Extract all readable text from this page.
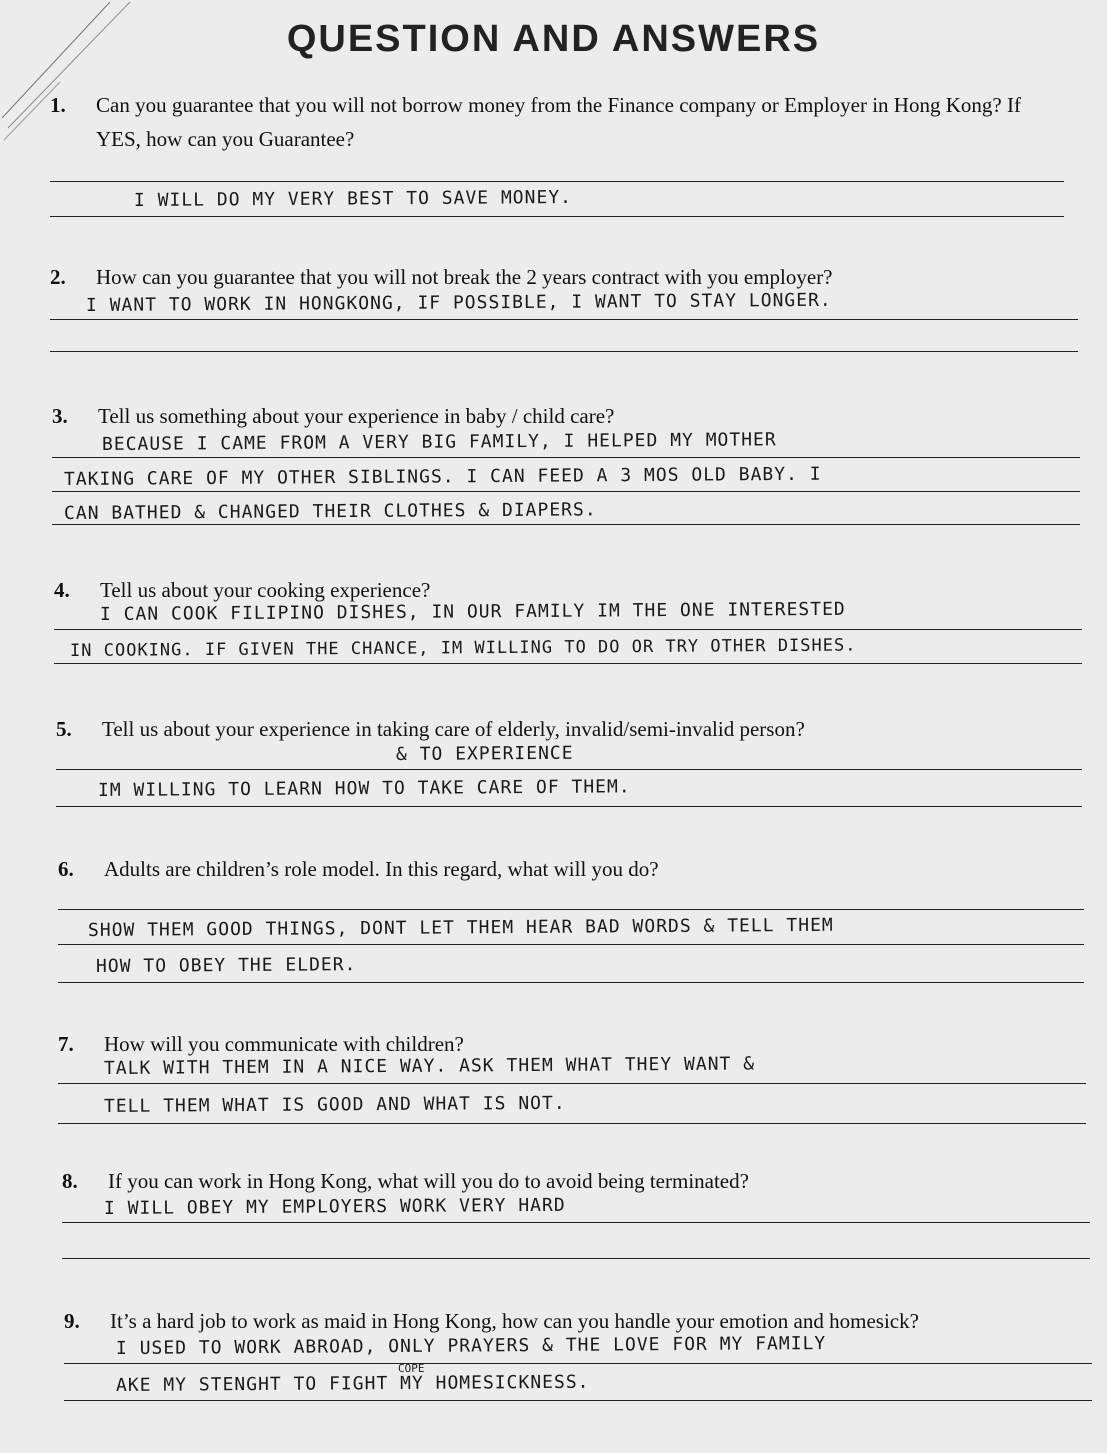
QUESTION AND ANSWERS
1. Can you guarantee that you will not borrow money from the Finance company or Employer in Hong Kong? If YES, how can you Guarantee?
I WILL DO MY VERY BEST TO SAVE MONEY.
2. How can you guarantee that you will not break the 2 years contract with you employer?
I WANT TO WORK IN HONGKONG, IF POSSIBLE, I WANT TO STAY LONGER.
3. Tell us something about your experience in baby / child care?
BECAUSE I CAME FROM A VERY BIG FAMILY, I HELPED MY MOTHER
TAKING CARE OF MY OTHER SIBLINGS. I CAN FEED A 3 MOS OLD BABY. I
CAN BATHED & CHANGED THEIR CLOTHES & DIAPERS.
4. Tell us about your cooking experience?
I CAN COOK FILIPINO DISHES, IN OUR FAMILY IM THE ONE INTERESTED
IN COOKING. IF GIVEN THE CHANCE, IM WILLING TO DO OR TRY OTHER DISHES.
5. Tell us about your experience in taking care of elderly, invalid/semi-invalid person?
& TO EXPERIENCE
IM WILLING TO LEARN HOW TO TAKE CARE OF THEM.
6. Adults are children’s role model. In this regard, what will you do?
SHOW THEM GOOD THINGS, DONT LET THEM HEAR BAD WORDS & TELL THEM
HOW TO OBEY THE ELDER.
7. How will you communicate with children?
TALK WITH THEM IN A NICE WAY. ASK THEM WHAT THEY WANT &
TELL THEM WHAT IS GOOD AND WHAT IS NOT.
8. If you can work in Hong Kong, what will you do to avoid being terminated?
I WILL OBEY MY EMPLOYERS WORK VERY HARD
9. It’s a hard job to work as maid in Hong Kong, how can you handle your emotion and homesick?
I USED TO WORK ABROAD, ONLY PRAYERS & THE LOVE FOR MY FAMILY
COPE
AKE MY STENGHT TO FIGHT MY HOMESICKNESS.
